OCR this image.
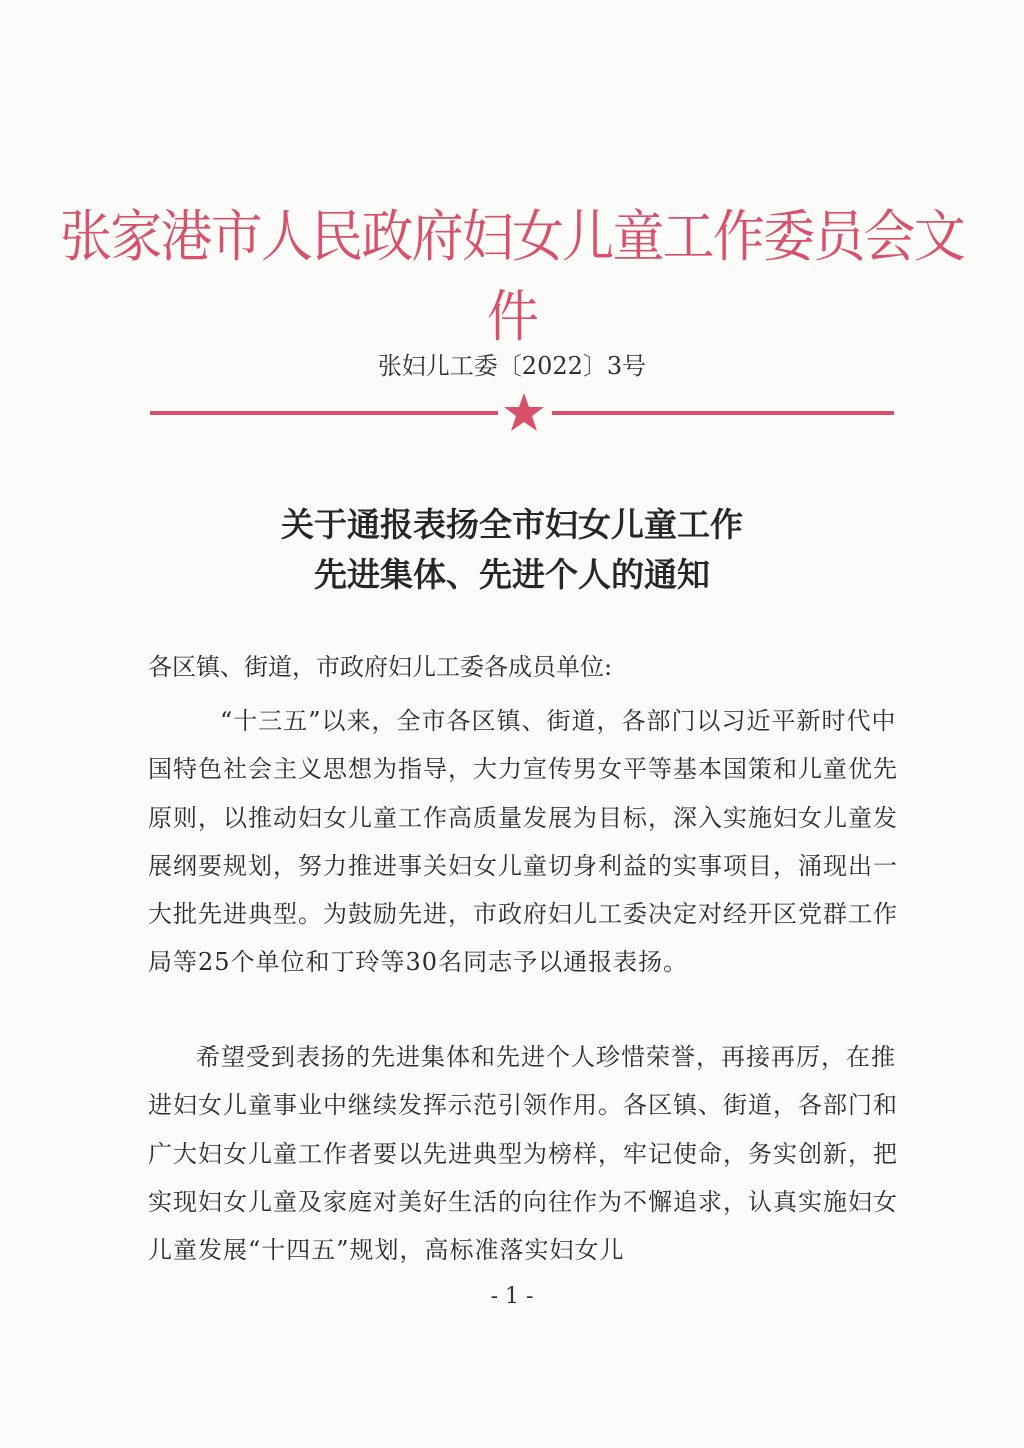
张家港市人民政府妇女儿童工作委员会文件
张妇儿工委〔2022〕3号
关于通报表扬全市妇女儿童工作
先进集体、先进个人的通知
各区镇、街道，市政府妇儿工委各成员单位:
“十三五”以来，全市各区镇、街道，各部门以习近平新时代中国特色社会主义思想为指导，大力宣传男女平等基本国策和儿童优先原则，以推动妇女儿童工作高质量发展为目标，深入实施妇女儿童发展纲要规划，努力推进事关妇女儿童切身利益的实事项目，涌现出一大批先进典型。为鼓励先进，市政府妇儿工委决定对经开区党群工作局等25个单位和丁玲等30名同志予以通报表扬。
希望受到表扬的先进集体和先进个人珍惜荣誉，再接再厉，在推进妇女儿童事业中继续发挥示范引领作用。各区镇、街道，各部门和广大妇女儿童工作者要以先进典型为榜样，牢记使命，务实创新，把实现妇女儿童及家庭对美好生活的向往作为不懈追求，认真实施妇女儿童发展“十四五”规划，高标准落实妇女儿
- 1 -
